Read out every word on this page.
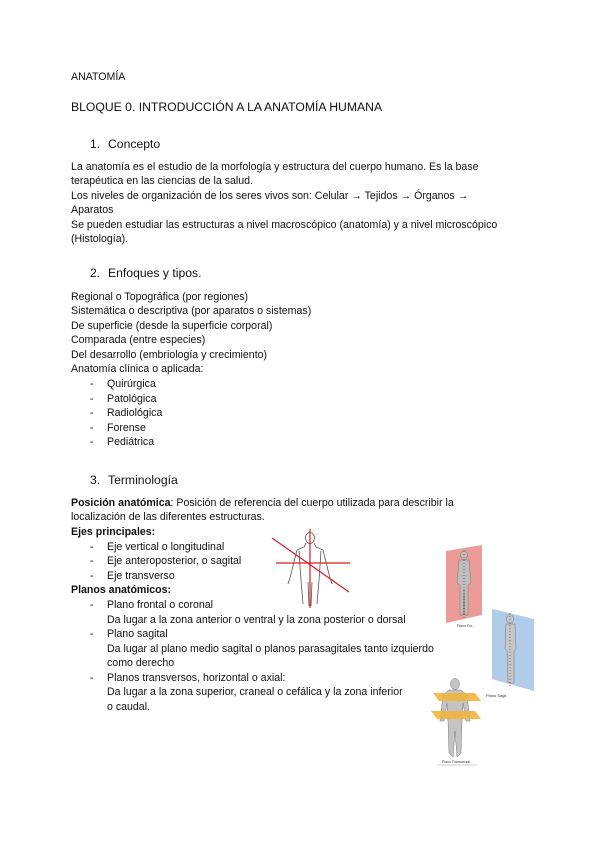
ANATOMÍA
BLOQUE 0. INTRODUCCIÓN A LA ANATOMÍA HUMANA
1. Concepto
La anatomía es el estudio de la morfología y estructura del cuerpo humano. Es la base
terapéutica en las ciencias de la salud.
Los niveles de organización de los seres vivos son: Celular → Tejidos → Órganos →
Aparatos
Se pueden estudiar las estructuras a nivel macroscópico (anatomía) y a nivel microscópico
(Histología).
2. Enfoques y tipos.
Regional o Topográfica (por regiones)
Sistemática o descriptiva (por aparatos o sistemas)
De superficie (desde la superficie corporal)
Comparada (entre especies)
Del desarrollo (embriología y crecimiento)
Anatomía clínica o aplicada:
- Quirúrgica
- Patológica
- Radiológica
- Forense
- Pediátrica
3. Terminología
Posición anatómica: Posición de referencia del cuerpo utilizada para describir la
localización de las diferentes estructuras.
Ejes principales:
- Eje vertical o longitudinal
- Eje anteroposterior, o sagital
- Eje transverso
Planos anatómicos:
- Plano frontal o coronal
Da lugar a la zona anterior o ventral y la zona posterior o dorsal
- Plano sagital
Da lugar al plano medio sagital o planos parasagitales tanto izquierdo
como derecho
- Planos transversos, horizontal o axial:
Da lugar a la zona superior, craneal o cefálica y la zona inferior
o caudal.
Plano Fro..
Plano Sagit.
Plano Transversal
